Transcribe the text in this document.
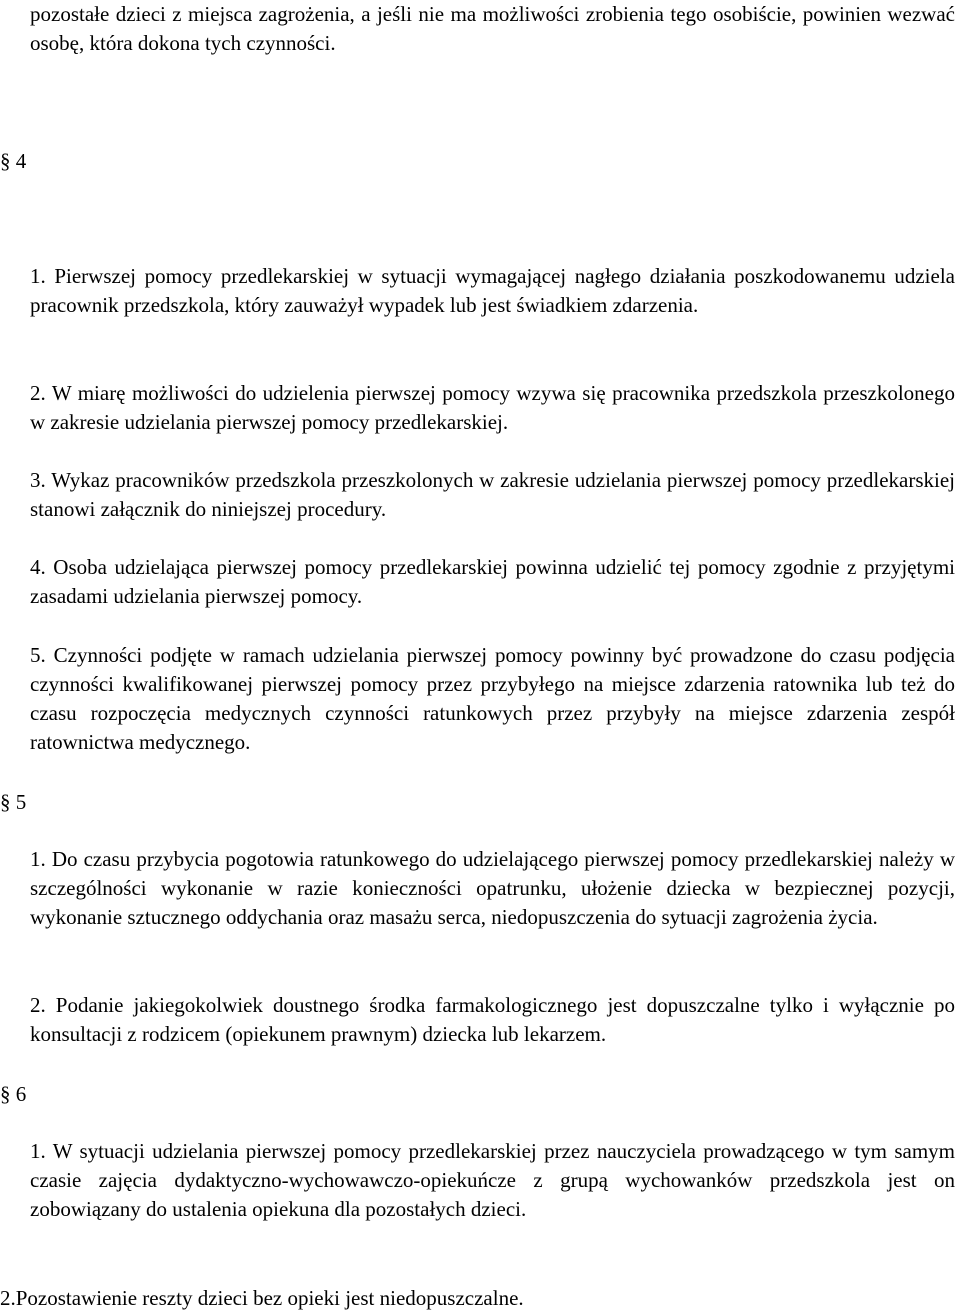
pozostałe dzieci z miejsca zagrożenia, a jeśli nie ma możliwości zrobienia tego osobiście, powinien wezwać osobę, która dokona tych czynności.
§ 4
1. Pierwszej pomocy przedlekarskiej w sytuacji wymagającej nagłego działania poszkodowanemu udziela pracownik przedszkola, który zauważył wypadek lub jest świadkiem zdarzenia.
2. W miarę możliwości do udzielenia pierwszej pomocy wzywa się pracownika przedszkola przeszkolonego w zakresie udzielania pierwszej pomocy przedlekarskiej.
3. Wykaz pracowników przedszkola przeszkolonych w zakresie udzielania pierwszej pomocy przedlekarskiej stanowi załącznik do niniejszej procedury.
4. Osoba udzielająca pierwszej pomocy przedlekarskiej powinna udzielić tej pomocy zgodnie z przyjętymi zasadami udzielania pierwszej pomocy.
5. Czynności podjęte w ramach udzielania pierwszej pomocy powinny być prowadzone do czasu podjęcia czynności kwalifikowanej pierwszej pomocy przez przybyłego na miejsce zdarzenia ratownika lub też do czasu rozpoczęcia medycznych czynności ratunkowych przez przybyły na miejsce zdarzenia zespół ratownictwa medycznego.
§ 5
1. Do czasu przybycia pogotowia ratunkowego do udzielającego pierwszej pomocy przedlekarskiej należy w szczególności wykonanie w razie konieczności opatrunku, ułożenie dziecka w bezpiecznej pozycji, wykonanie sztucznego oddychania oraz masażu serca, niedopuszczenia do sytuacji zagrożenia życia.
2. Podanie jakiegokolwiek doustnego środka farmakologicznego jest dopuszczalne tylko i wyłącznie po konsultacji z rodzicem (opiekunem prawnym) dziecka lub lekarzem.
§ 6
1. W sytuacji udzielania pierwszej pomocy przedlekarskiej przez nauczyciela prowadzącego w tym samym czasie zajęcia dydaktyczno-wychowawczo-opiekuńcze z grupą wychowanków przedszkola jest on zobowiązany do ustalenia opiekuna dla pozostałych dzieci.
2.Pozostawienie reszty dzieci bez opieki jest niedopuszczalne.
